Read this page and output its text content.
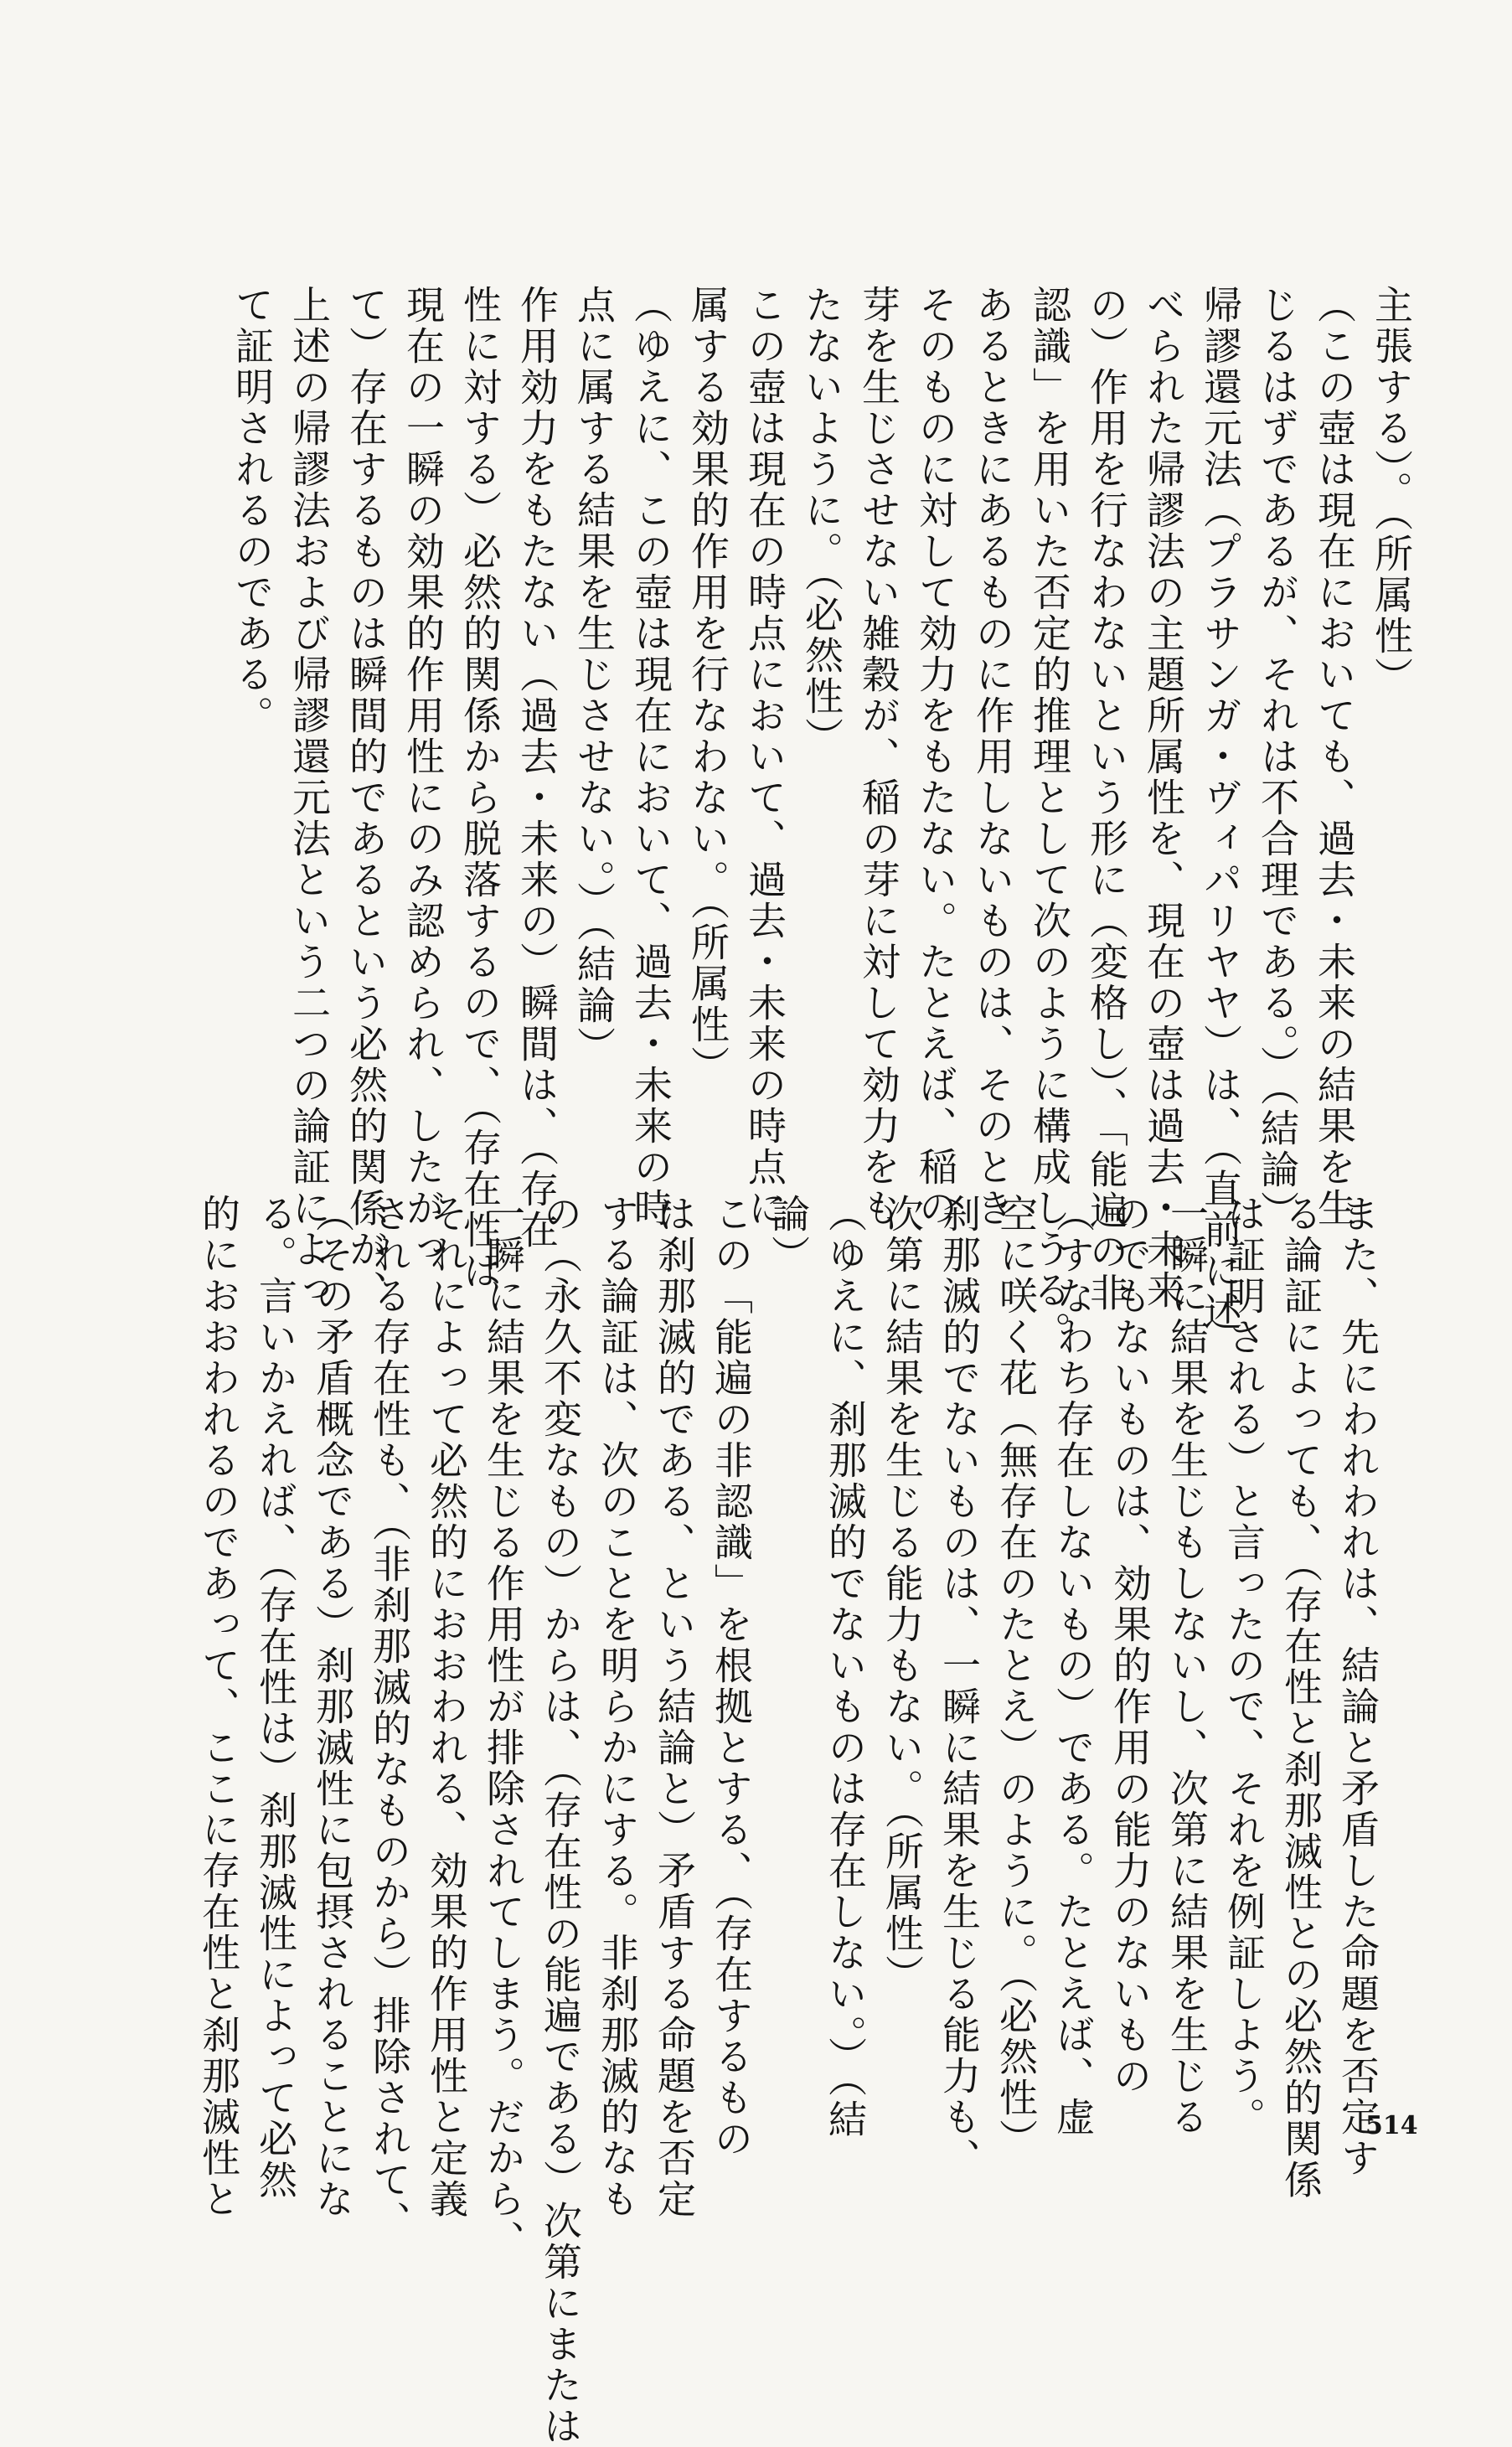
主張する）。（所属性）

（この壺は現在においても、過去・未来の結果を生

じるはずであるが、それは不合理である。）（結論）

帰謬還元法（プラサンガ・ヴィパリヤヤ）は、（直前に述

べられた帰謬法の主題所属性を、現在の壺は過去・未来

の）作用を行なわないという形に（変格し）、「能遍の非

認識」を用いた否定的推理として次のように構成しうる。

あるときにあるものに作用しないものは、そのとき

そのものに対して効力をもたない。たとえば、稲の

芽を生じさせない雑穀が、稲の芽に対して効力をも

たないように。（必然性）

この壺は現在の時点において、過去・未来の時点に

属する効果的作用を行なわない。（所属性）

（ゆえに、この壺は現在において、過去・未来の時

点に属する結果を生じさせない。）（結論）

作用効力をもたない（過去・未来の）瞬間は、（存在

性に対する）必然的関係から脱落するので、（存在性は

現在の一瞬の効果的作用性にのみ認められ、したがっ

て）存在するものは瞬間的であるという必然的関係が、

上述の帰謬法および帰謬還元法という二つの論証によっ

て証明されるのである。

また、先にわれわれは、結論と矛盾した命題を否定す

る論証によっても、（存在性と刹那滅性との必然的関係

は証明される）と言ったので、それを例証しよう。

一瞬に結果を生じもしないし、次第に結果を生じる

のでもないものは、効果的作用の能力のないもの

（すなわち存在しないもの）である。たとえば、虚

空に咲く花（無存在のたとえ）のように。（必然性）

刹那滅的でないものは、一瞬に結果を生じる能力も、

次第に結果を生じる能力もない。（所属性）

（ゆえに、刹那滅的でないものは存在しない。）（結

論）

この「能遍の非認識」を根拠とする、（存在するもの

は刹那滅的である、という結論と）矛盾する命題を否定

する論証は、次のことを明らかにする。非刹那滅的なも

の（永久不変なもの）からは、（存在性の能遍である）次第にまたは

一瞬に結果を生じる作用性が排除されてしまう。だから、

それによって必然的におおわれる、効果的作用性と定義

される存在性も、（非刹那滅的なものから）排除されて、

（その矛盾概念である）刹那滅性に包摂されることにな

る。言いかえれば、（存在性は）刹那滅性によって必然

的におおわれるのであって、ここに存在性と刹那滅性と	514
